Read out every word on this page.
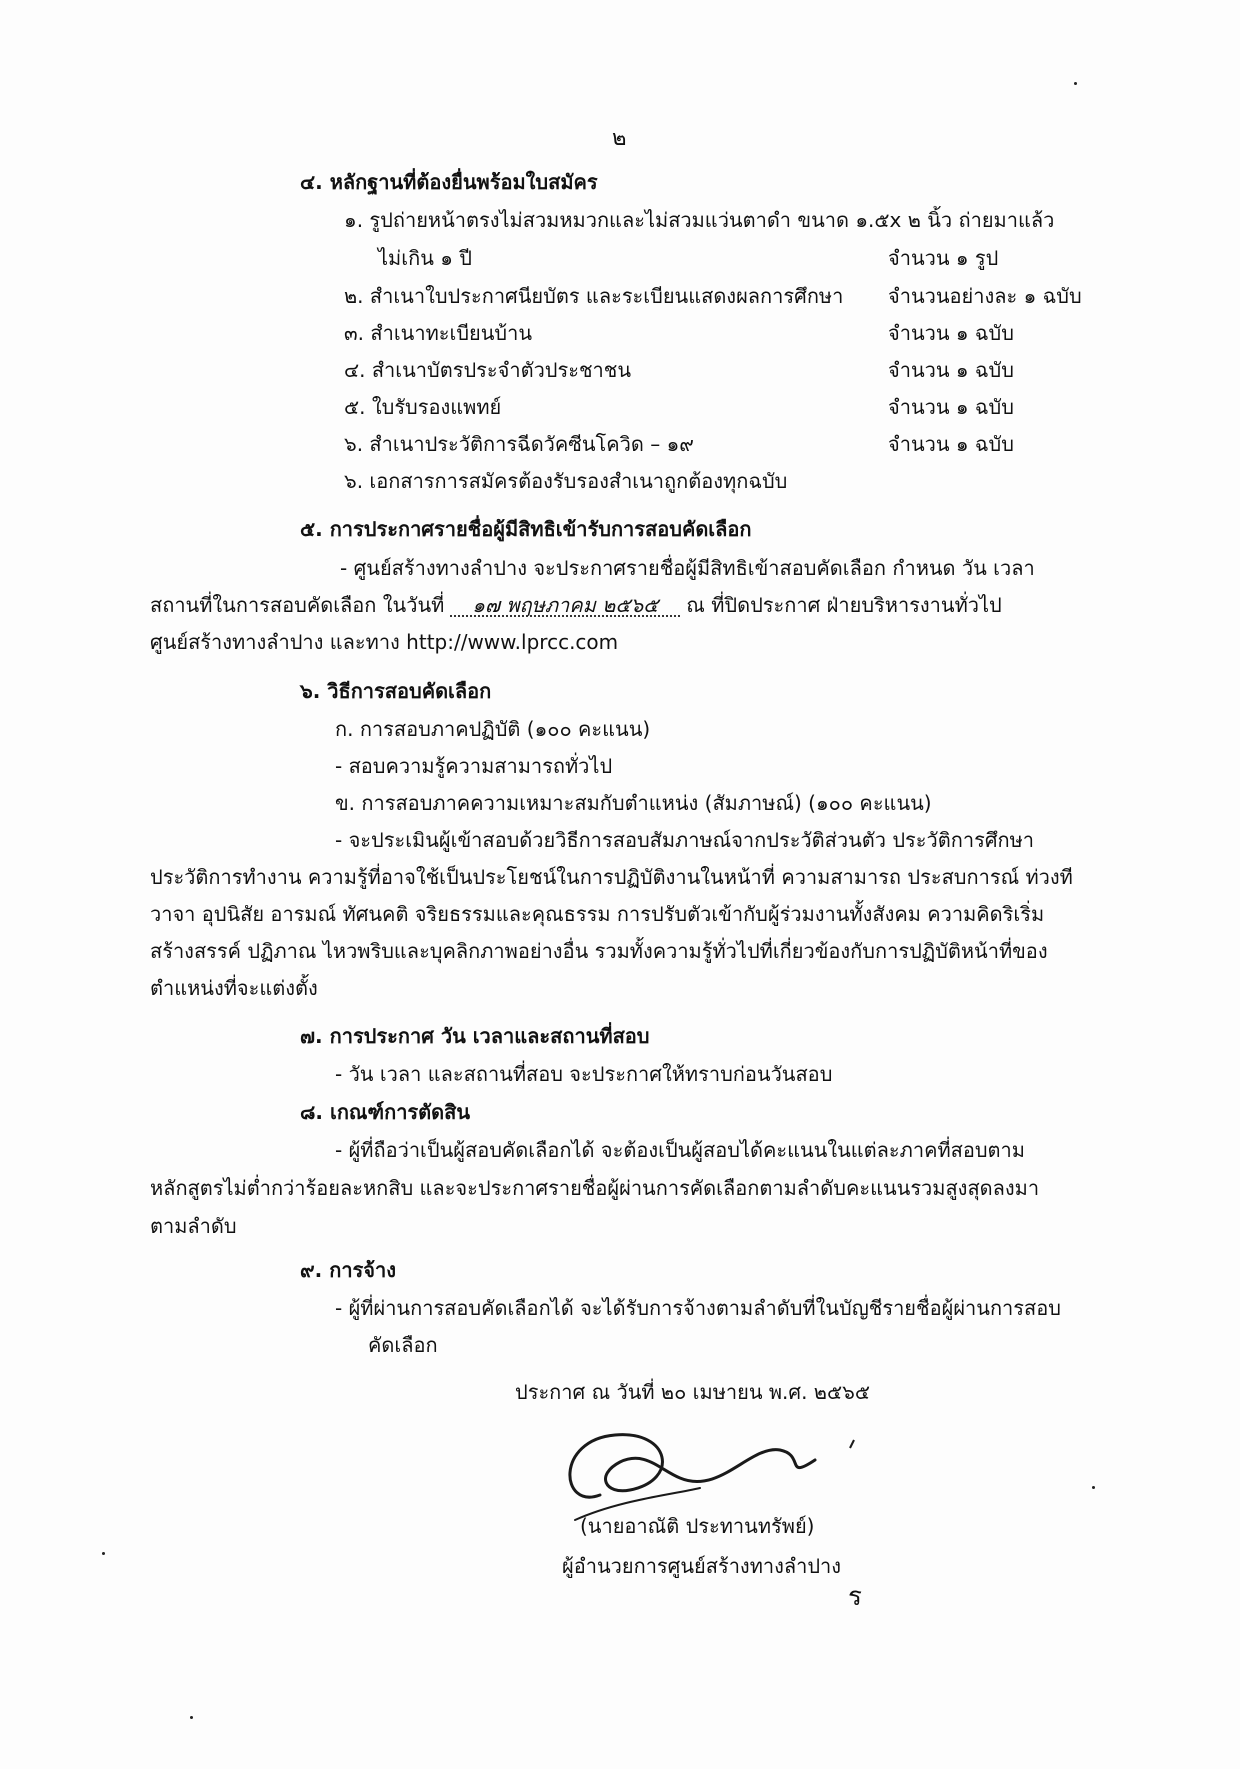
๒
๔. หลักฐานที่ต้องยื่นพร้อมใบสมัคร
๑. รูปถ่ายหน้าตรงไม่สวมหมวกและไม่สวมแว่นตาดำ ขนาด ๑.๕x ๒ นิ้ว ถ่ายมาแล้ว
ไม่เกิน ๑ ปี	จำนวน ๑ รูป
๒. สำเนาใบประกาศนียบัตร และระเบียนแสดงผลการศึกษา จำนวนอย่างละ ๑ ฉบับ
๓. สำเนาทะเบียนบ้าน	จำนวน ๑ ฉบับ
๔. สำเนาบัตรประจำตัวประชาชน	จำนวน ๑ ฉบับ
๕. ใบรับรองแพทย์	จำนวน ๑ ฉบับ
๖. สำเนาประวัติการฉีดวัคซีนโควิด – ๑๙	จำนวน ๑ ฉบับ
๖. เอกสารการสมัครต้องรับรองสำเนาถูกต้องทุกฉบับ
๕. การประกาศรายชื่อผู้มีสิทธิเข้ารับการสอบคัดเลือก
- ศูนย์สร้างทางลำปาง จะประกาศรายชื่อผู้มีสิทธิเข้าสอบคัดเลือก กำหนด วัน เวลา
สถานที่ในการสอบคัดเลือก ในวันที่ ๑๗ พฤษภาคม ๒๕๖๕ ณ ที่ปิดประกาศ ฝ่ายบริหารงานทั่วไป
ศูนย์สร้างทางลำปาง และทาง http://www.lprcc.com
๖. วิธีการสอบคัดเลือก
ก. การสอบภาคปฏิบัติ (๑๐๐ คะแนน)
- สอบความรู้ความสามารถทั่วไป
ข. การสอบภาคความเหมาะสมกับตำแหน่ง (สัมภาษณ์) (๑๐๐ คะแนน)
- จะประเมินผู้เข้าสอบด้วยวิธีการสอบสัมภาษณ์จากประวัติส่วนตัว ประวัติการศึกษา
ประวัติการทำงาน ความรู้ที่อาจใช้เป็นประโยชน์ในการปฏิบัติงานในหน้าที่ ความสามารถ ประสบการณ์ ท่วงที
วาจา อุปนิสัย อารมณ์ ทัศนคติ จริยธรรมและคุณธรรม การปรับตัวเข้ากับผู้ร่วมงานทั้งสังคม ความคิดริเริ่ม
สร้างสรรค์ ปฏิภาณ ไหวพริบและบุคลิกภาพอย่างอื่น รวมทั้งความรู้ทั่วไปที่เกี่ยวข้องกับการปฏิบัติหน้าที่ของ
ตำแหน่งที่จะแต่งตั้ง
๗. การประกาศ วัน เวลาและสถานที่สอบ
- วัน เวลา และสถานที่สอบ จะประกาศให้ทราบก่อนวันสอบ
๘. เกณฑ์การตัดสิน
- ผู้ที่ถือว่าเป็นผู้สอบคัดเลือกได้ จะต้องเป็นผู้สอบได้คะแนนในแต่ละภาคที่สอบตาม
หลักสูตรไม่ต่ำกว่าร้อยละหกสิบ และจะประกาศรายชื่อผู้ผ่านการคัดเลือกตามลำดับคะแนนรวมสูงสุดลงมา
ตามลำดับ
๙. การจ้าง
- ผู้ที่ผ่านการสอบคัดเลือกได้ จะได้รับการจ้างตามลำดับที่ในบัญชีรายชื่อผู้ผ่านการสอบ
คัดเลือก
ประกาศ ณ วันที่ ๒๐ เมษายน พ.ศ. ๒๕๖๕
(นายอาณัติ ประทานทรัพย์)
ผู้อำนวยการศูนย์สร้างทางลำปาง
ร
